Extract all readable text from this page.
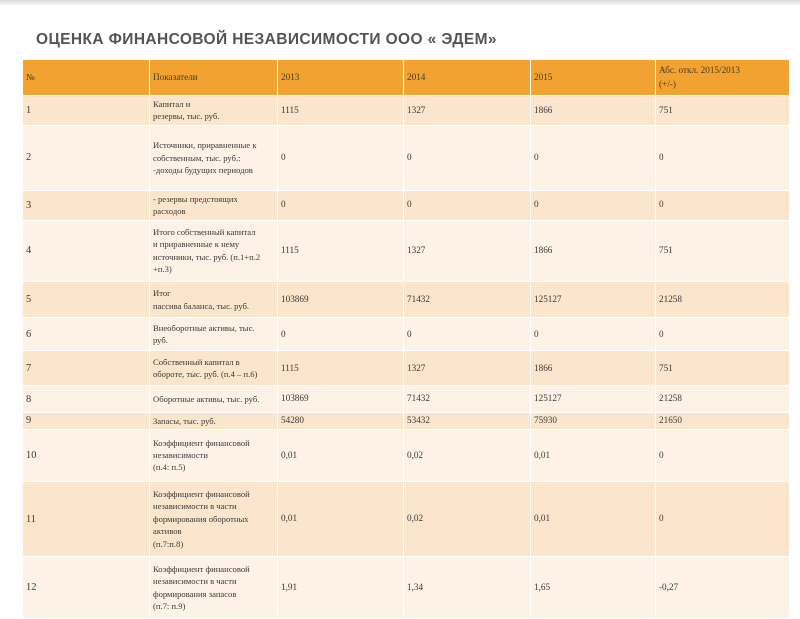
ОЦЕНКА ФИНАНСОВОЙ НЕЗАВИСИМОСТИ ООО « ЭДЕМ»
№	Показатели	2013	2014	2015	Абс. откл. 2015/2013
(+/-)
1	Капитал и
резервы, тыс. руб.	1115	1327	1866	751
2	Источники, приравненные к
собственным, тыс. руб.:
-доходы будущих периодов	0	0	0	0
3	- резервы предстоящих
расходов	0	0	0	0
4	Итого собственный капитал
и приравненные к нему
источники, тыс. руб. (п.1+п.2
+п.3)	1115	1327	1866	751
5	Итог
пассива баланса, тыс. руб.	103869	71432	125127	21258
6	Внеоборотные активы, тыс.
руб.	0	0	0	0
7	Собственный капитал в
обороте, тыс. руб. (п.4 – п.6)	1115	1327	1866	751
8	Оборотные активы, тыс. руб.	103869	71432	125127	21258
9	Запасы, тыс. руб.	54280	53432	75930	21650
10	Коэффициент финансовой
независимости
(п.4: п.5)	0,01	0,02	0,01	0
11	Коэффициент финансовой
независимости в части
формирования оборотных
активов
(п.7:п.8)	0,01	0,02	0,01	0
12	Коэффициент финансовой
независимости в части
формирования запасов
(п.7: п.9)	1,91	1,34	1,65	-0,27
